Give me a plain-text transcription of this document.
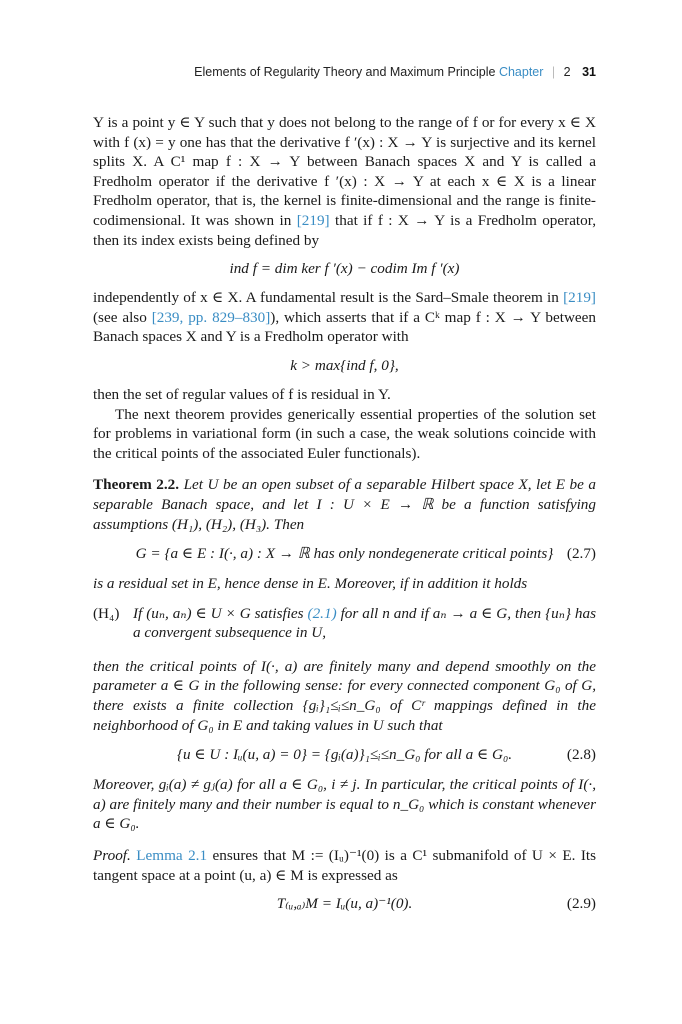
Elements of Regularity Theory and Maximum Principle Chapter | 2 31

Y is a point y ∈ Y such that y does not belong to the range of f or for every x ∈ X with f (x) = y one has that the derivative f ′(x) : X → Y is surjective and its kernel splits X. A C¹ map f : X → Y between Banach spaces X and Y is called a Fredholm operator if the derivative f ′(x) : X → Y at each x ∈ X is a linear Fredholm operator, that is, the kernel is finite-dimensional and the range is finite-codimensional. It was shown in [219] that if f : X → Y is a Fredholm operator, then its index exists being defined by

ind f = dim ker f ′(x) − codim Im f ′(x)

independently of x ∈ X. A fundamental result is the Sard–Smale theorem in [219] (see also [239, pp. 829–830]), which asserts that if a Cᵏ map f : X → Y between Banach spaces X and Y is a Fredholm operator with

k > max{ind f, 0},

then the set of regular values of f is residual in Y.

The next theorem provides generically essential properties of the solution set for problems in variational form (in such a case, the weak solutions coincide with the critical points of the associated Euler functionals).

Theorem 2.2. Let U be an open subset of a separable Hilbert space X, let E be a separable Banach space, and let I : U × E → ℝ be a function satisfying assumptions (H₁), (H₂), (H₃). Then

G = {a ∈ E : I(·, a) : X → ℝ has only nondegenerate critical points} (2.7)

is a residual set in E, hence dense in E. Moreover, if in addition it holds

(H₄) If (uₙ, aₙ) ∈ U × G satisfies (2.1) for all n and if aₙ → a ∈ G, then {uₙ} has a convergent subsequence in U,

then the critical points of I(·, a) are finitely many and depend smoothly on the parameter a ∈ G in the following sense: for every connected component G₀ of G, there exists a finite collection {gᵢ}₁≤ᵢ≤n_G₀ of Cʳ mappings defined in the neighborhood of G₀ in E and taking values in U such that

{u ∈ U : Iᵤ(u, a) = 0} = {gᵢ(a)}₁≤ᵢ≤n_G₀ for all a ∈ G₀.	(2.8)

Moreover, gᵢ(a) ≠ gⱼ(a) for all a ∈ G₀, i ≠ j. In particular, the critical points of I(·, a) are finitely many and their number is equal to n_G₀ which is constant whenever a ∈ G₀.

Proof. Lemma 2.1 ensures that M := (Iᵤ)⁻¹(0) is a C¹ submanifold of U × E. Its tangent space at a point (u, a) ∈ M is expressed as

T₍ᵤ,ₐ₎M = Iᵤ(u, a)⁻¹(0).	(2.9)
